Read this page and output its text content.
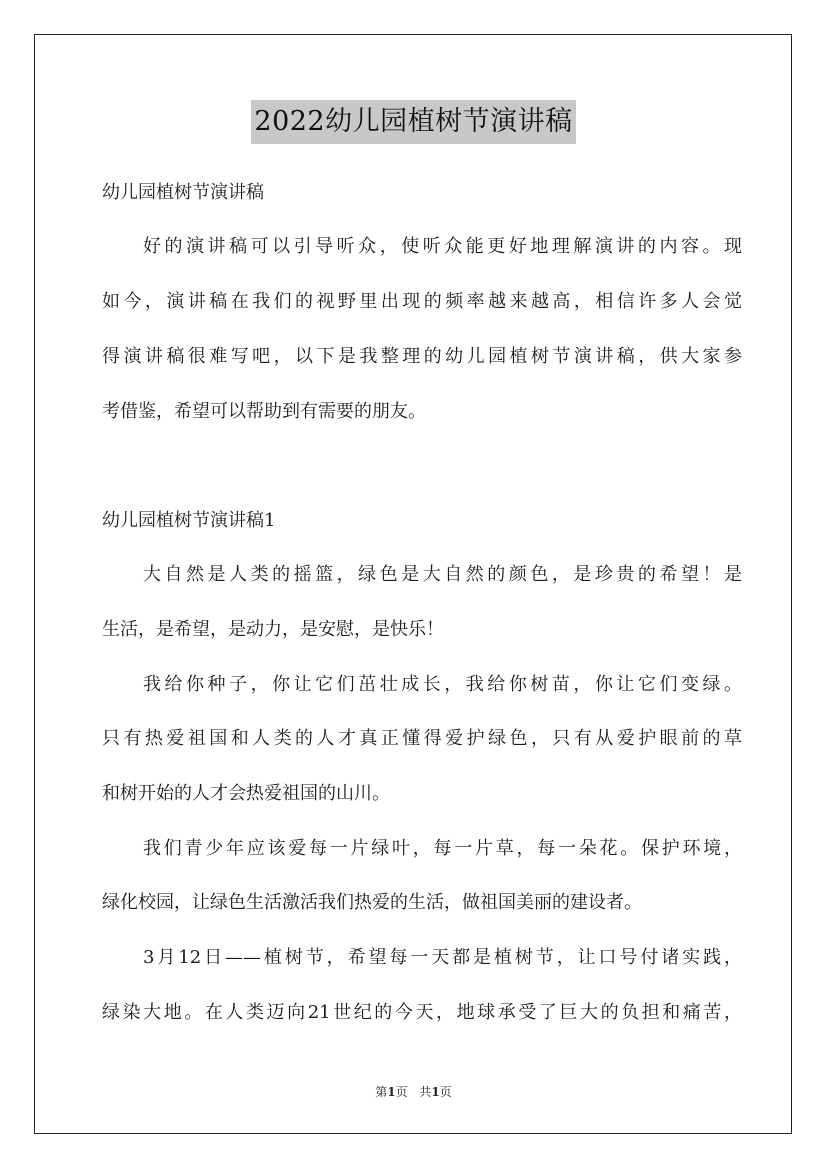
2022幼儿园植树节演讲稿
幼儿园植树节演讲稿
好的演讲稿可以引导听众，使听众能更好地理解演讲的内容。现
如今，演讲稿在我们的视野里出现的频率越来越高，相信许多人会觉
得演讲稿很难写吧，以下是我整理的幼儿园植树节演讲稿，供大家参
考借鉴，希望可以帮助到有需要的朋友。
幼儿园植树节演讲稿1
大自然是人类的摇篮，绿色是大自然的颜色，是珍贵的希望！是
生活，是希望，是动力，是安慰，是快乐！
我给你种子，你让它们茁壮成长，我给你树苗，你让它们变绿。
只有热爱祖国和人类的人才真正懂得爱护绿色，只有从爱护眼前的草
和树开始的人才会热爱祖国的山川。
我们青少年应该爱每一片绿叶，每一片草，每一朵花。保护环境，
绿化校园，让绿色生活激活我们热爱的生活，做祖国美丽的建设者。
3月12日——植树节，希望每一天都是植树节，让口号付诸实践，
绿染大地。在人类迈向21世纪的今天，地球承受了巨大的负担和痛苦，
第1页 共1页
